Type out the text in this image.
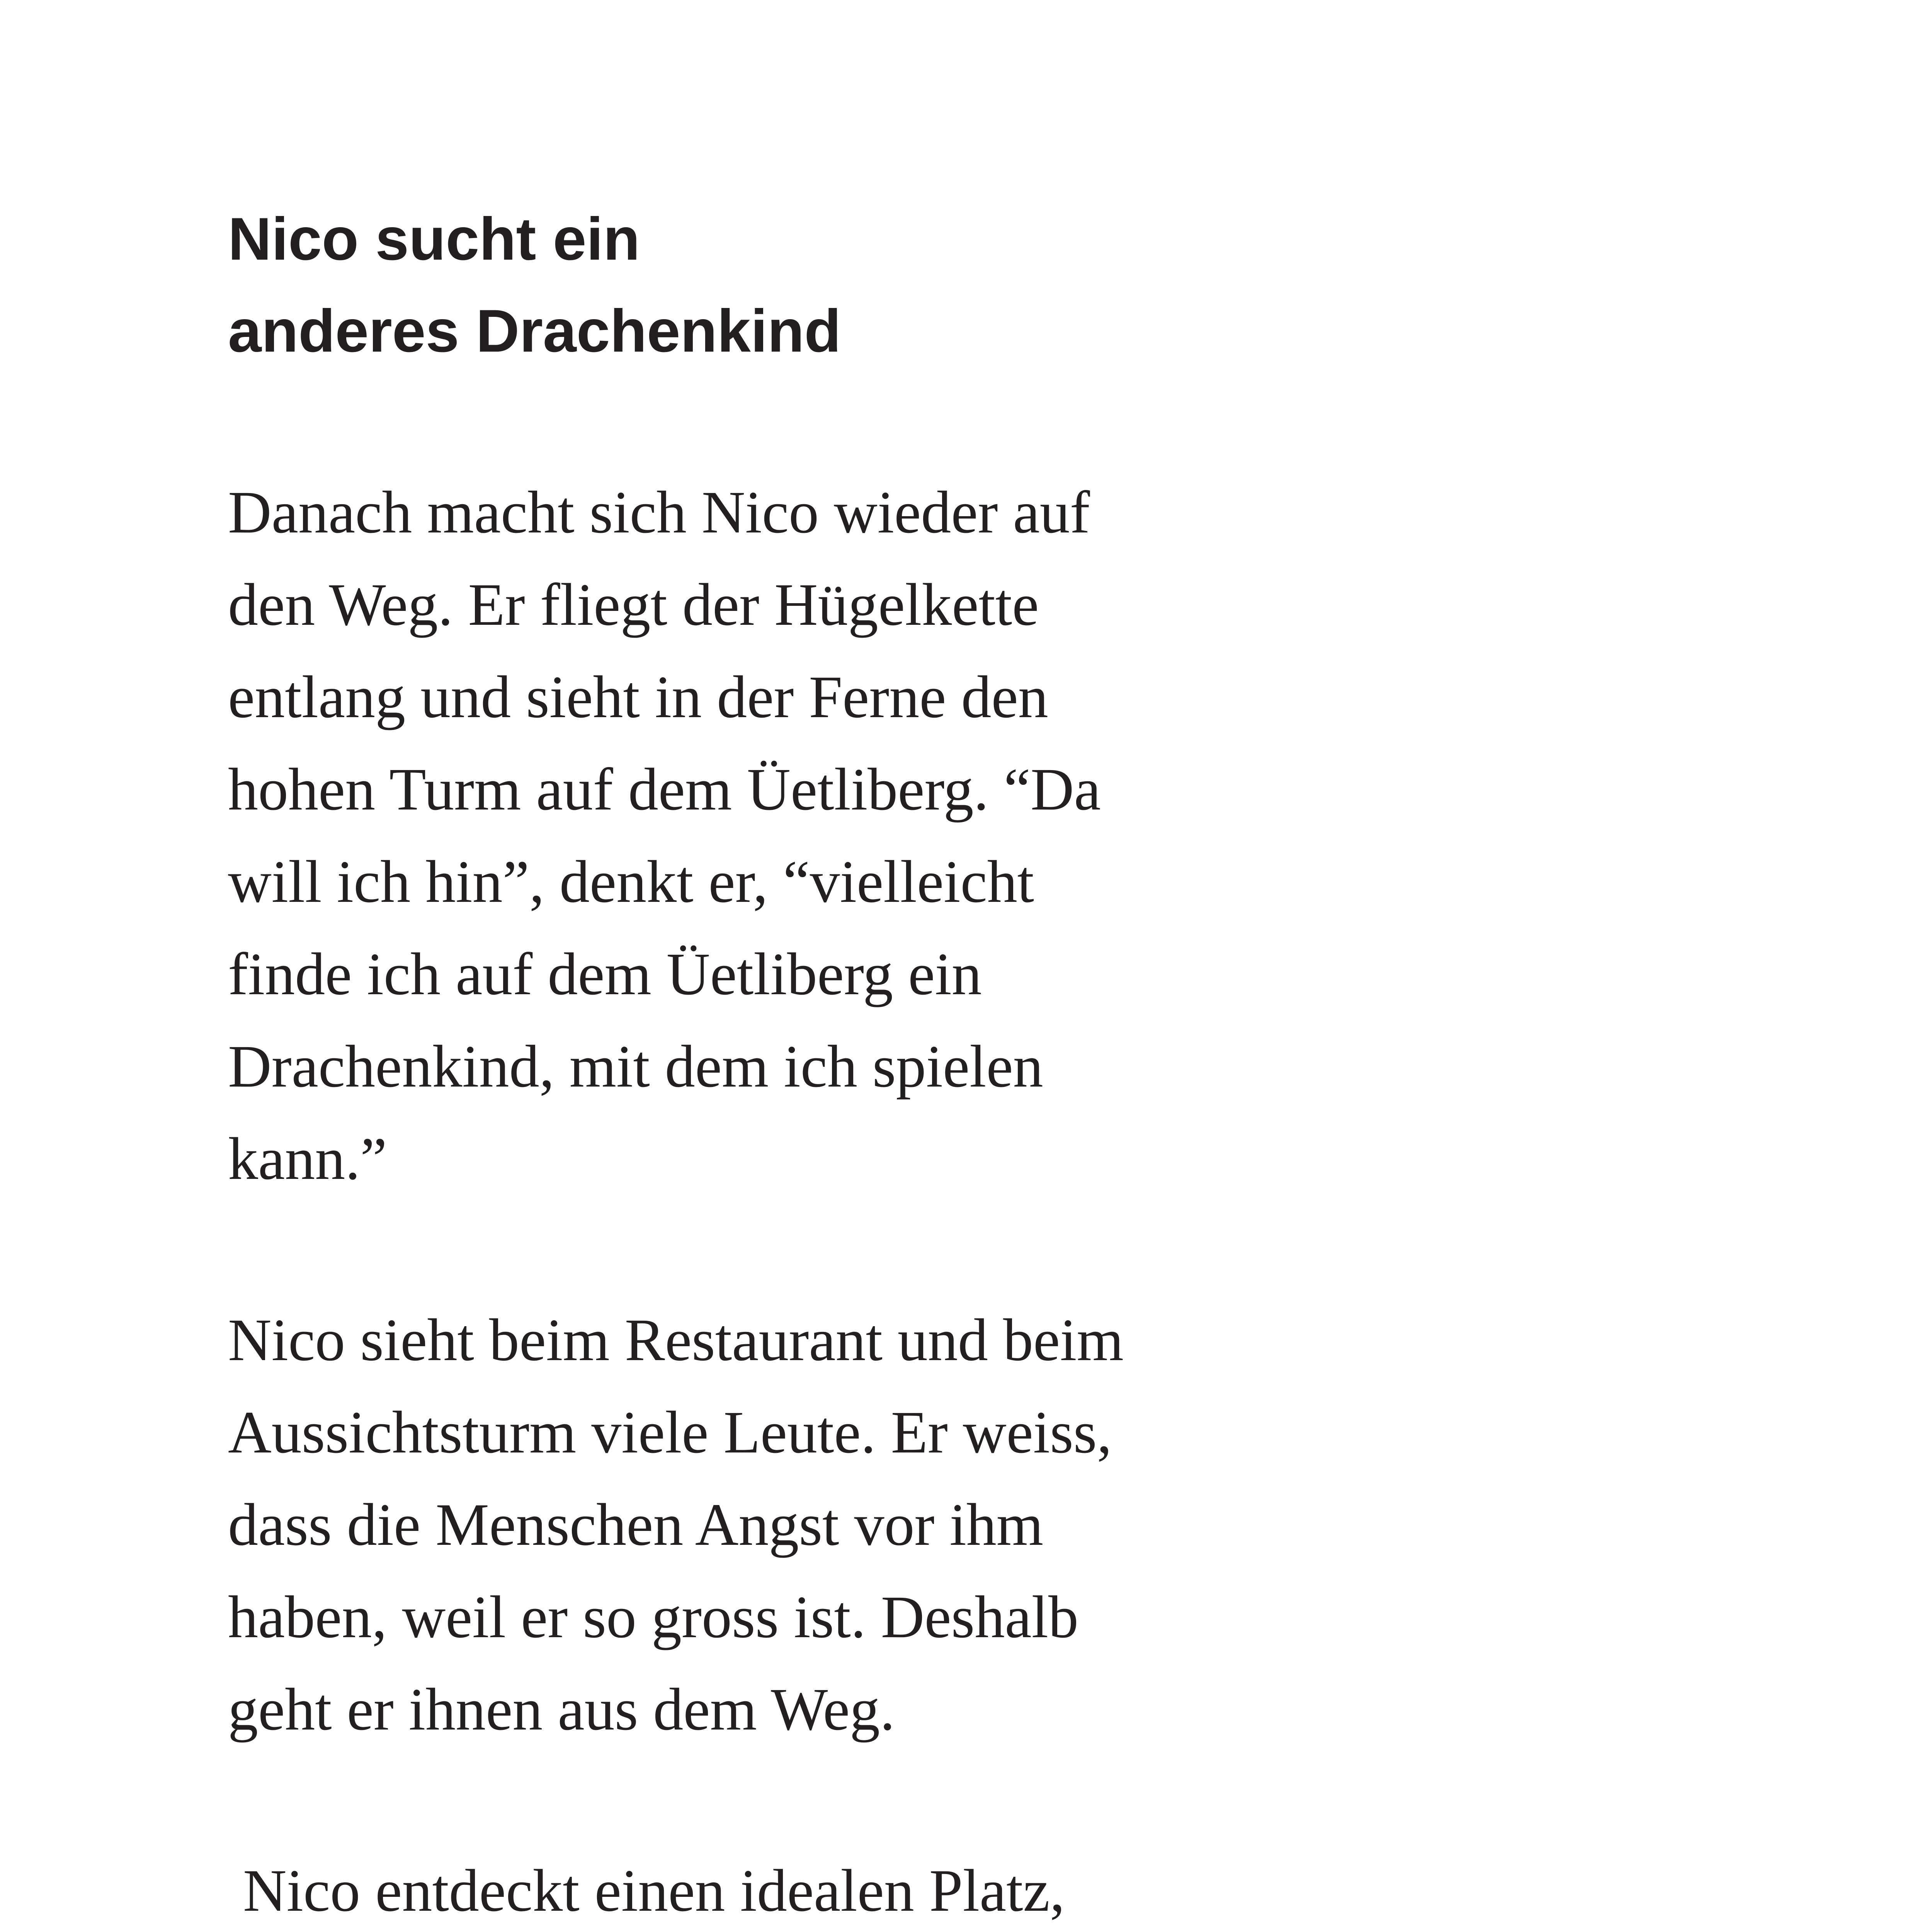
Nico sucht ein
anderes Drachenkind

Danach macht sich Nico wieder auf
den Weg. Er fliegt der Hügelkette
entlang und sieht in der Ferne den
hohen Turm auf dem Üetliberg. “Da
will ich hin”, denkt er, “vielleicht
finde ich auf dem Üetliberg ein
Drachenkind, mit dem ich spielen
kann.”

Nico sieht beim Restaurant und beim
Aussichtsturm viele Leute. Er weiss,
dass die Menschen Angst vor ihm
haben, weil er so gross ist. Deshalb
geht er ihnen aus dem Weg.

Nico entdeckt einen idealen Platz,
